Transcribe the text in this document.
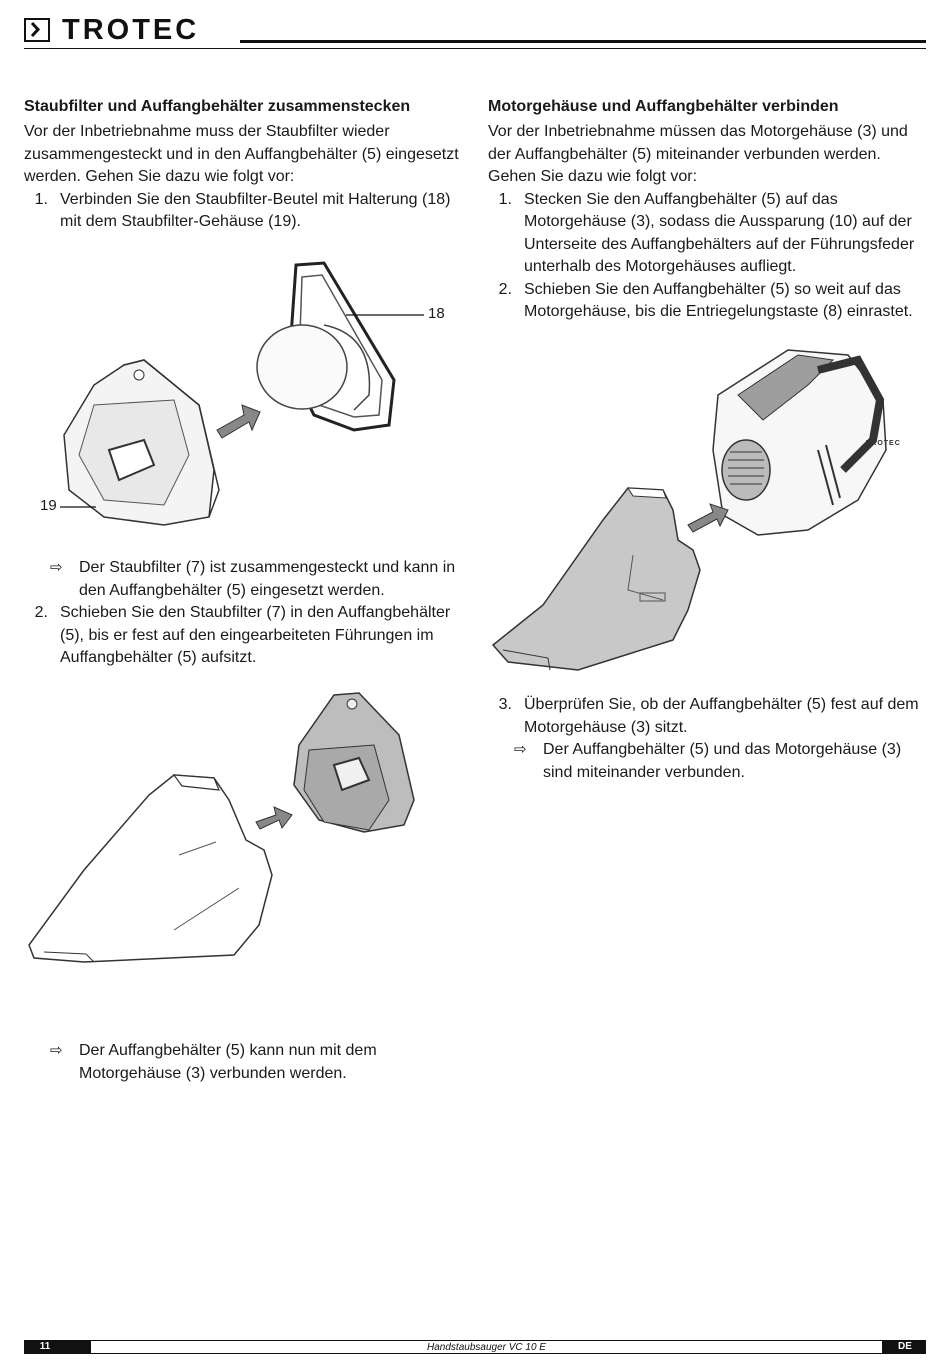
TROTEC

Staubfilter und Auffangbehälter zusammenstecken

Vor der Inbetriebnahme muss der Staubfilter wieder zusammengesteckt und in den Auffangbehälter (5) eingesetzt werden. Gehen Sie dazu wie folgt vor:

1. Verbinden Sie den Staubfilter-Beutel mit Halterung (18) mit dem Staubfilter-Gehäuse (19).
18
19
⇨ Der Staubfilter (7) ist zusammengesteckt und kann in den Auffangbehälter (5) eingesetzt werden.
2. Schieben Sie den Staubfilter (7) in den Auffangbehälter (5), bis er fest auf den eingearbeiteten Führungen im Auffangbehälter (5) aufsitzt.
⇨ Der Auffangbehälter (5) kann nun mit dem Motorgehäuse (3) verbunden werden.

Motorgehäuse und Auffangbehälter verbinden

Vor der Inbetriebnahme müssen das Motorgehäuse (3) und der Auffangbehälter (5) miteinander verbunden werden. Gehen Sie dazu wie folgt vor:

1. Stecken Sie den Auffangbehälter (5) auf das Motorgehäuse (3), sodass die Aussparung (10) auf der Unterseite des Auffangbehälters auf der Führungsfeder unterhalb des Motorgehäuses aufliegt.
2. Schieben Sie den Auffangbehälter (5) so weit auf das Motorgehäuse, bis die Entriegelungstaste (8) einrastet.
TROTEC
3. Überprüfen Sie, ob der Auffangbehälter (5) fest auf dem Motorgehäuse (3) sitzt.
⇨ Der Auffangbehälter (5) und das Motorgehäuse (3) sind miteinander verbunden.
11	Handstaubsauger VC 10 E	DE
